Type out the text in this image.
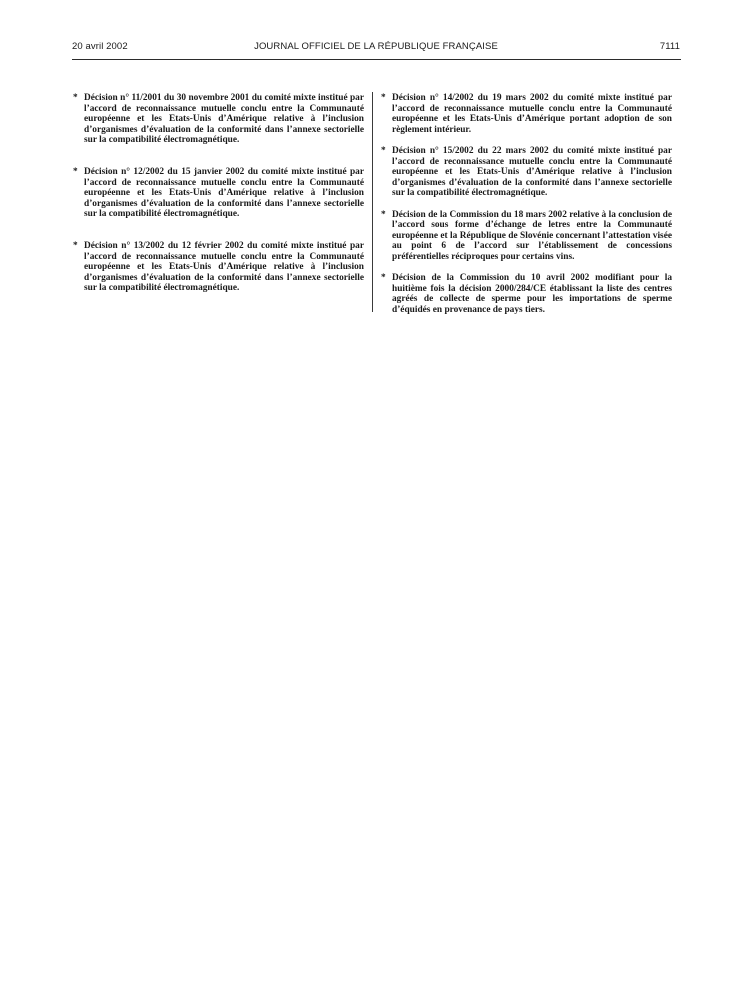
20 avril 2002	JOURNAL OFFICIEL DE LA RÉPUBLIQUE FRANÇAISE	7111
* Décision n° 11/2001 du 30 novembre 2001 du comité mixte institué par l’accord de reconnaissance mutuelle conclu entre la Communauté européenne et les Etats-Unis d’Amérique relative à l’inclusion d’organismes d’évaluation de la conformité dans l’annexe sectorielle sur la compatibilité électromagnétique.
* Décision n° 12/2002 du 15 janvier 2002 du comité mixte institué par l’accord de reconnaissance mutuelle conclu entre la Communauté européenne et les Etats-Unis d’Amérique relative à l’inclusion d’organismes d’évaluation de la conformité dans l’annexe sectorielle sur la compatibilité électromagnétique.
* Décision n° 13/2002 du 12 février 2002 du comité mixte institué par l’accord de reconnaissance mutuelle conclu entre la Communauté européenne et les Etats-Unis d’Amérique relative à l’inclusion d’organismes d’évaluation de la conformité dans l’annexe sectorielle sur la compatibilité électromagnétique.
* Décision n° 14/2002 du 19 mars 2002 du comité mixte institué par l’accord de reconnaissance mutuelle conclu entre la Communauté européenne et les Etats-Unis d’Amérique portant adoption de son règlement intérieur.
* Décision n° 15/2002 du 22 mars 2002 du comité mixte institué par l’accord de reconnaissance mutuelle conclu entre la Communauté européenne et les Etats-Unis d’Amérique relative à l’inclusion d’organismes d’évaluation de la conformité dans l’annexe sectorielle sur la compatibilité électromagnétique.
* Décision de la Commission du 18 mars 2002 relative à la conclusion de l’accord sous forme d’échange de letres entre la Communauté européenne et la République de Slovénie concernant l’attestation visée au point 6 de l’accord sur l’établissement de concessions préférentielles réciproques pour certains vins.
* Décision de la Commission du 10 avril 2002 modifiant pour la huitième fois la décision 2000/284/CE établissant la liste des centres agréés de collecte de sperme pour les importations de sperme d’équidés en provenance de pays tiers.
